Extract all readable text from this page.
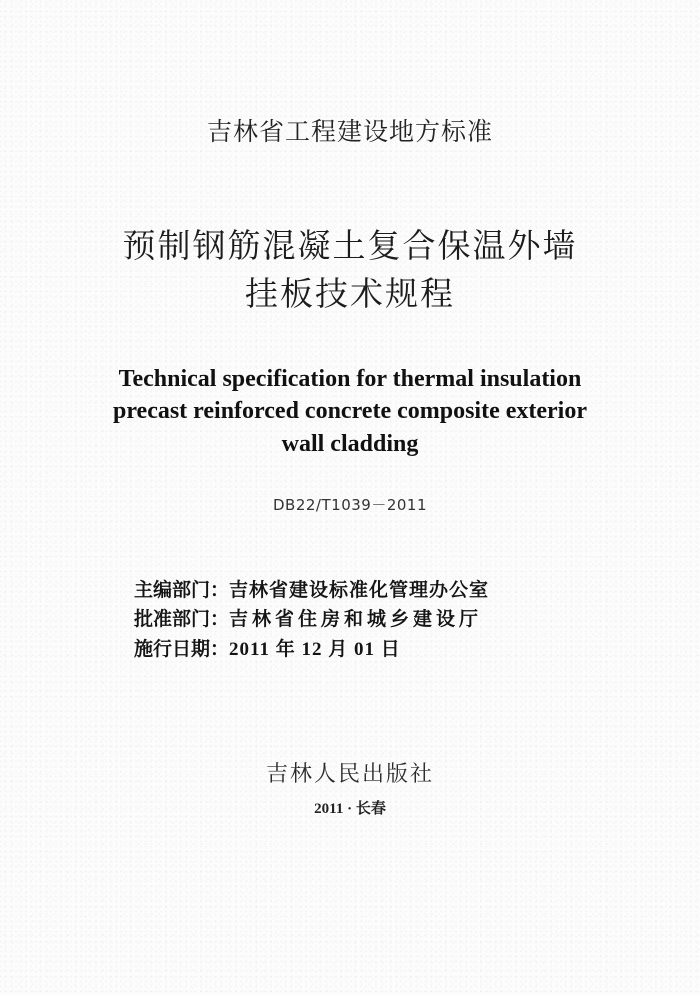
吉林省工程建设地方标准
预制钢筋混凝土复合保温外墙
挂板技术规程
Technical specification for thermal insulation
precast reinforced concrete composite exterior
wall cladding
DB22/T1039－2011
主编部门：吉林省建设标准化管理办公室
批准部门：吉林省住房和城乡建设厅
施行日期：2011 年 12 月 01 日
吉林人民出版社
2011 · 长春
